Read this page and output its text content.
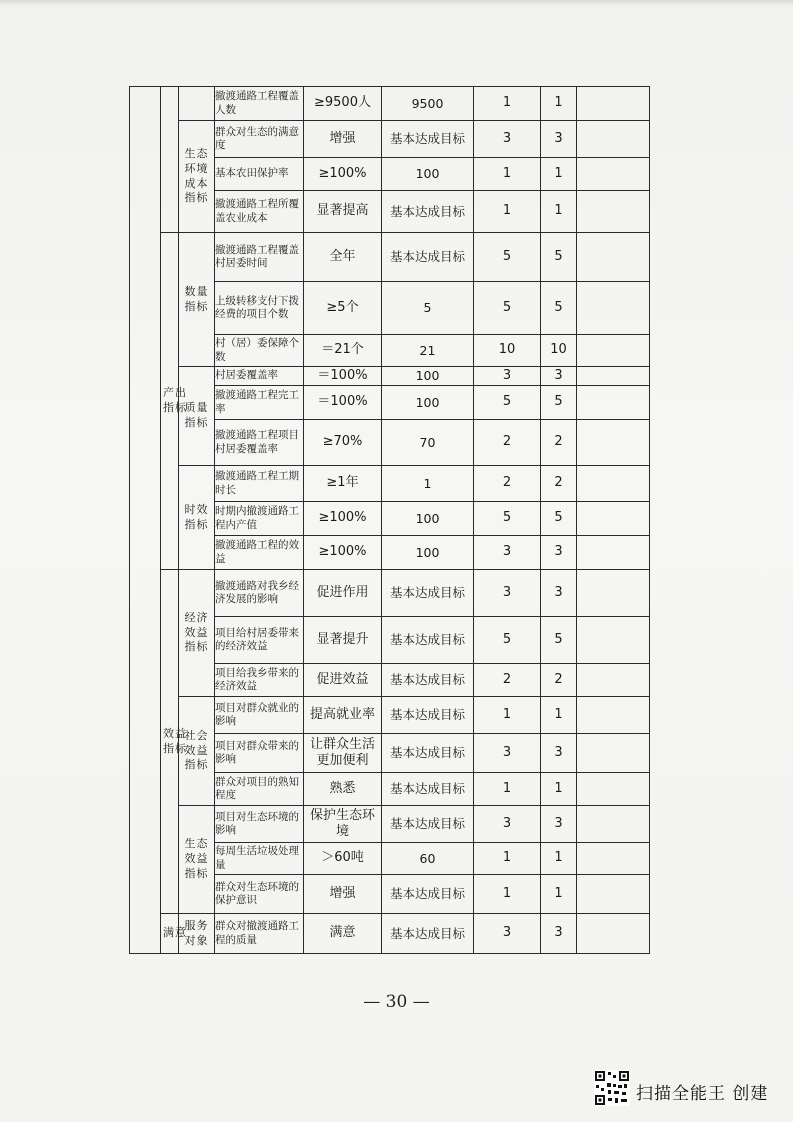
			撤渡通路工程覆盖人数	≥9500人	9500	1	1	
		生态环境成本指标	群众对生态的满意度	增强	基本达成目标	3	3	
			基本农田保护率	≥100%	100	1	1	
			撤渡通路工程所覆盖农业成本	显著提高	基本达成目标	1	1	
	产出指标	数量指标	撤渡通路工程覆盖村居委时间	全年	基本达成目标	5	5	
			上级转移支付下拨经费的项目个数	≥5个	5	5	5	
			村（居）委保障个数	＝21个	21	10	10	
		质量指标	村居委覆盖率	＝100%	100	3	3	
			撤渡通路工程完工率	＝100%	100	5	5	
			撤渡通路工程项目村居委覆盖率	≥70%	70	2	2	
		时效指标	撤渡通路工程工期时长	≥1年	1	2	2	
			时期内撤渡通路工程内产值	≥100%	100	5	5	
			撤渡通路工程的效益	≥100%	100	3	3	
	效益指标	经济效益指标	撤渡通路对我乡经济发展的影响	促进作用	基本达成目标	3	3	
			项目给村居委带来的经济效益	显著提升	基本达成目标	5	5	
			项目给我乡带来的经济效益	促进效益	基本达成目标	2	2	
		社会效益指标	项目对群众就业的影响	提高就业率	基本达成目标	1	1	
			项目对群众带来的影响	让群众生活更加便利	基本达成目标	3	3	
			群众对项目的熟知程度	熟悉	基本达成目标	1	1	
		生态效益指标	项目对生态环境的影响	保护生态环境	基本达成目标	3	3	
			每周生活垃圾处理量	＞60吨	60	1	1	
			群众对生态环境的保护意识	增强	基本达成目标	1	1	
	满意	服务对象	群众对撤渡通路工程的质量	满意	基本达成目标	3	3	
— 30 —
扫描全能王 创建
